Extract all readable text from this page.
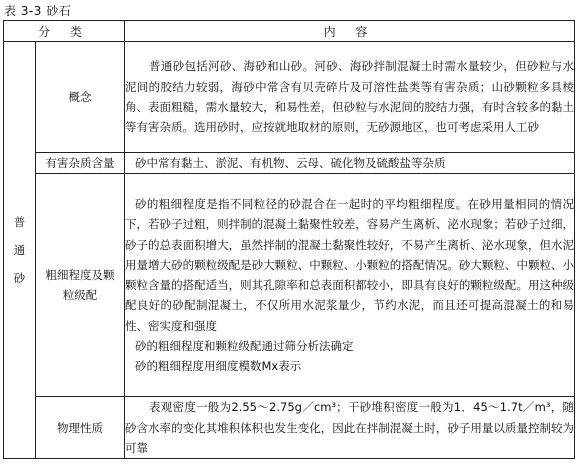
表 3-3 砂石
分 类		内 容
普通砂	概念	普通砂包括河砂、海砂和山砂。河砂、海砂拌制混凝土时需水量较少，但砂粒与水泥间的胶结力较弱，海砂中常含有贝壳碎片及可溶性盐类等有害杂质；山砂颗粒多具棱角、表面粗糙，需水量较大，和易性差，但砂粒与水泥间的胶结力强，有时含较多的黏土等有害杂质。选用砂时，应按就地取材的原则，无砂源地区，也可考虑采用人工砂

	有害杂质含量	砂中常有黏土、淤泥、有机物、云母、硫化物及硫酸盐等杂质

	粗细程度及颗粒级配	砂的粗细程度是指不同粒径的砂混合在一起时的平均粗细程度。在砂用量相同的情况下，若砂子过粗，则拌制的混凝土黏聚性较差，容易产生离析、泌水现象；若砂子过细，砂子的总表面积增大，虽然拌制的混凝土黏聚性较好，不易产生离析、泌水现象，但水泥用量增大砂的颗粒级配是砂大颗粒、中颗粒、小颗粒的搭配情况。砂大颗粒、中颗粒、小颗粒含量的搭配适当，则其孔隙率和总表面积都较小，即具有良好的颗粒级配。用这种级配良好的砂配制混凝土，不仅所用水泥浆量少，节约水泥，而且还可提高混凝土的和易性、密实度和强度

砂的粗细程度和颗粒级配通过筛分析法确定

砂的粗细程度用细度模数Mx表示

	物理性质	表观密度一般为2.55～2.75g／cm³；干砂堆积密度一般为1．45～1.7t／m³，随砂含水率的变化其堆积体积也发生变化，因此在拌制混凝土时，砂子用量以质量控制较为可靠
